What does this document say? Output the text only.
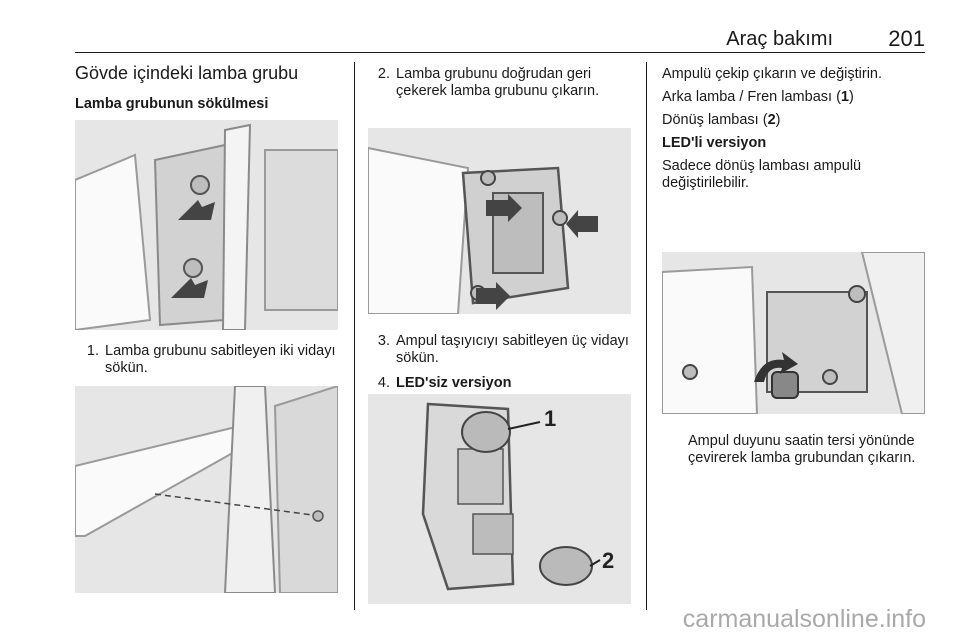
Araç bakımı	201
Gövde içindeki lamba grubu
Lamba grubunun sökülmesi
1. Lamba grubunu sabitleyen iki vidayı sökün.
2. Lamba grubunu doğrudan geri çekerek lamba grubunu çıkarın.
3. Ampul taşıyıcıyı sabitleyen üç vidayı sökün.
4. LED'siz versiyon
1
2

Ampulü çekip çıkarın ve değiştirin.

Arka lamba / Fren lambası (1)

Dönüş lambası (2)

LED'li versiyon

Sadece dönüş lambası ampulü değiştirilebilir.

Ampul duyunu saatin tersi yönünde çevirerek lamba grubundan çıkarın.
carmanualsonline.info
